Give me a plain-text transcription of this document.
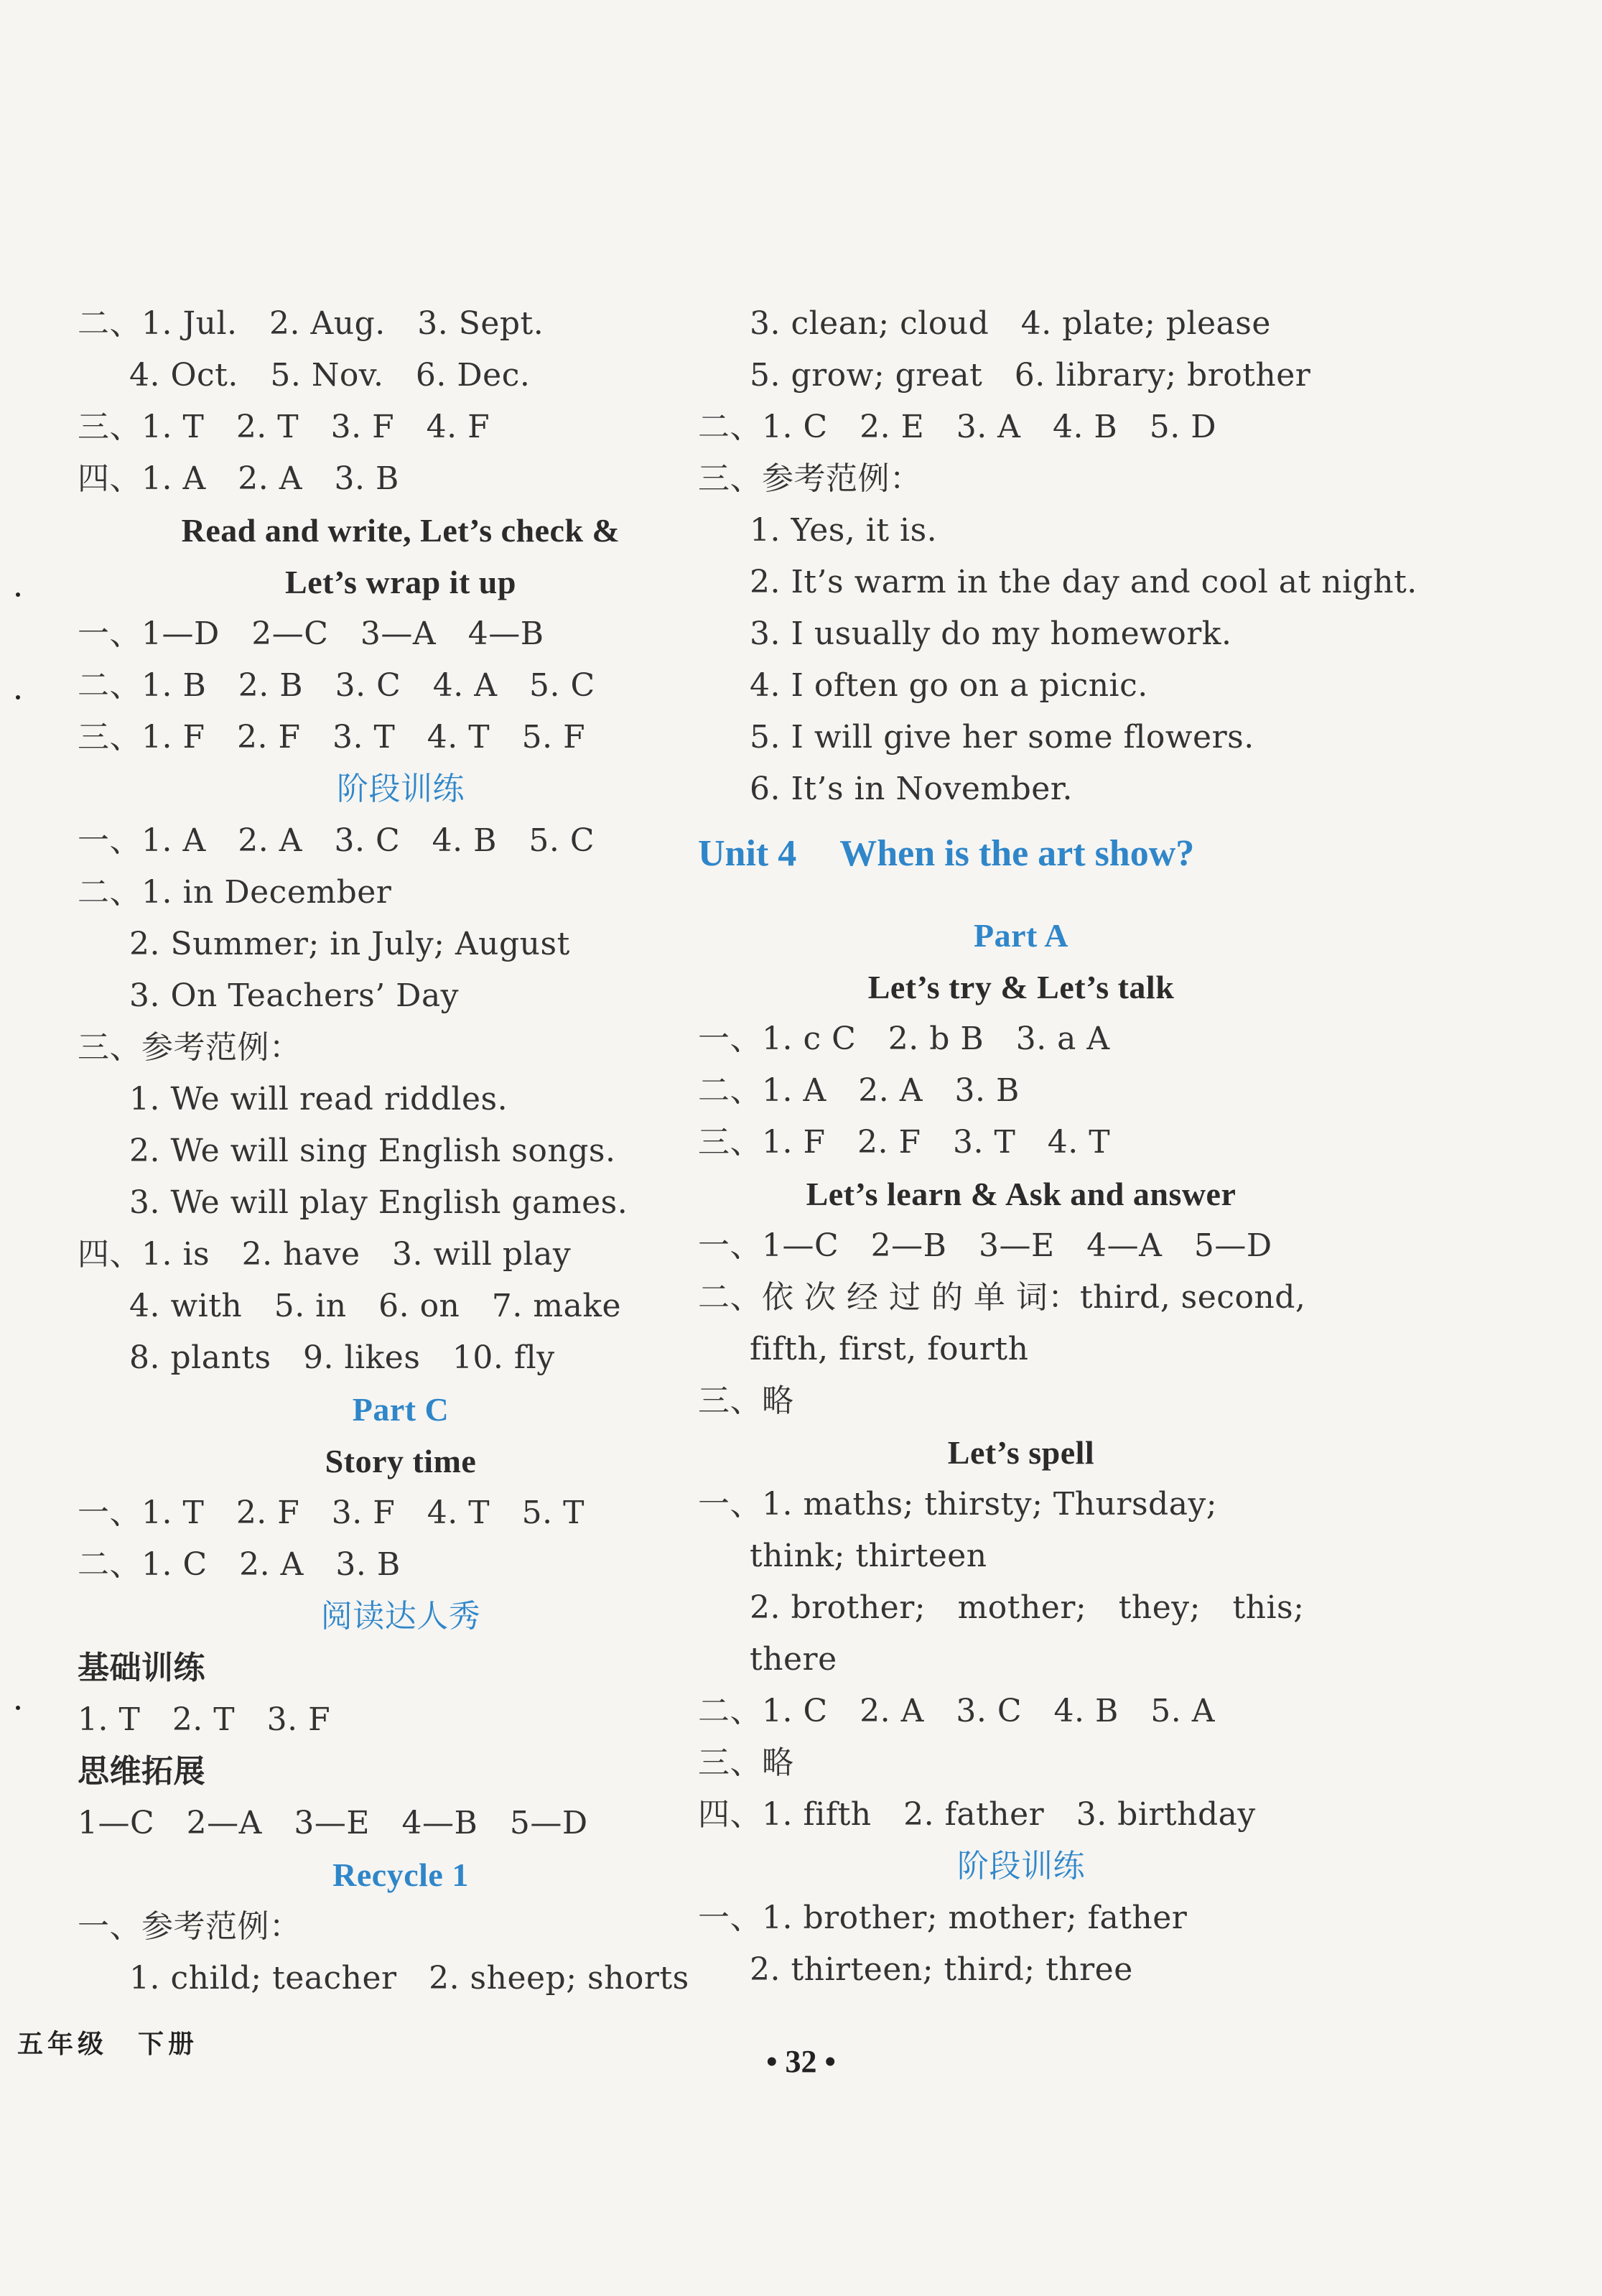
二、1. Jul.　2. Aug.　3. Sept.
4. Oct.　5. Nov.　6. Dec.
三、1. T　2. T　3. F　4. F
四、1. A　2. A　3. B
Read and write, Let’s check &
Let’s wrap it up
一、1—D　2—C　3—A　4—B
二、1. B　2. B　3. C　4. A　5. C
三、1. F　2. F　3. T　4. T　5. F
阶段训练
一、1. A　2. A　3. C　4. B　5. C
二、1. in December
2. Summer; in July; August
3. On Teachers’ Day
三、参考范例：
1. We will read riddles.
2. We will sing English songs.
3. We will play English games.
四、1. is　2. have　3. will play
4. with　5. in　6. on　7. make
8. plants　9. likes　10. fly
Part C
Story time
一、1. T　2. F　3. F　4. T　5. T
二、1. C　2. A　3. B
阅读达人秀
基础训练
1. T　2. T　3. F
思维拓展
1—C　2—A　3—E　4—B　5—D
Recycle 1
一、参考范例：
1. child; teacher　2. sheep; shorts
3. clean; cloud　4. plate; please
5. grow; great　6. library; brother
二、1. C　2. E　3. A　4. B　5. D
三、参考范例：
1. Yes, it is.
2. It’s warm in the day and cool at night.
3. I usually do my homework.
4. I often go on a picnic.
5. I will give her some flowers.
6. It’s in November.
Unit 4 When is the art show?
Part A
Let’s try & Let’s talk
一、1. c C　2. b B　3. a A
二、1. A　2. A　3. B
三、1. F　2. F　3. T　4. T
Let’s learn & Ask and answer
一、1—C　2—B　3—E　4—A　5—D
二、依 次 经 过 的 单 词：third, second,
fifth, first, fourth
三、略
Let’s spell
一、1. maths; thirsty; Thursday;
think; thirteen
2. brother;　mother;　they;　this;
there
二、1. C　2. A　3. C　4. B　5. A
三、略
四、1. fifth　2. father　3. birthday
阶段训练
一、1. brother; mother; father
2. thirteen; third; three
五年级　下册	• 32 •
